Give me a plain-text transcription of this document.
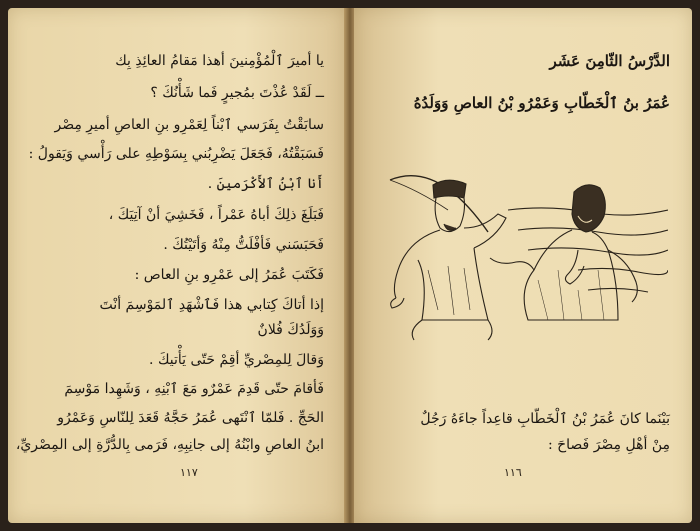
يا أميرَ ٱلْمُؤْمِنينَ أهذا مَقامُ العائِذِ بِك
ــ لَقَدْ عُذْتَ بمُجيرٍ فَما شَأْنُكَ ؟
سابَقْتُ بِفَرَسي ٱبْناً لِعَمْرِو بنِ العاصِ أميرِ مِصْر
فَسَبَقْتُهُ، فَجَعَلَ يَضْرِبُني بِسَوْطِهِ على رَأْسي وَيَقولُ :
أَنا ٱبْنُ ٱلأَكْرَمينَ .
فَبَلَغَ ذلِكَ أباهُ عَمْراً ، فَخَشِيَ أنْ آتِيَكَ ،
فَحَبَسَني فَأفْلَتُّ مِنْهُ وَأتَيْتُكَ .
فَكَتَبَ عُمَرُ إلى عَمْرِو بنِ العاص :
إذا أتاكَ كِتابي هذا فَٱشْهَدِ ٱلمَوْسِمَ أنْتَ
وَوَلَدُكَ فُلانٌ
وَقالَ لِلمِصْريِّ أقِمْ حَتّى يَأْتيكَ .
فَأقامَ حتّى قَدِمَ عَمْرٌو مَعَ ٱبْنِهِ ، وَشَهِدا مَوْسِمَ
الحَجِّ . فَلمّا ٱنْتَهى عُمَرُ حَجَّهُ قَعَدَ لِلنّاسِ وَعَمْرُو
ابنُ العاصِ وابْنُهُ إلى جانِبِهِ، فَرَمى بِالدُّرَّةِ إلى المِصْريِّ،
١١٧
الدَّرْسُ الثّامِنَ عَشَر
عُمَرُ بنُ ٱلْخَطّابِ وَعَمْرُو بْنُ العاصِ وَوَلَدُهُ
بَيْنَما كانَ عُمَرُ بْنُ ٱلْخَطّابِ قاعِداً جاءَهُ رَجُلٌ
مِنْ أهْلِ مِصْرَ فَصاحَ :
١١٦
